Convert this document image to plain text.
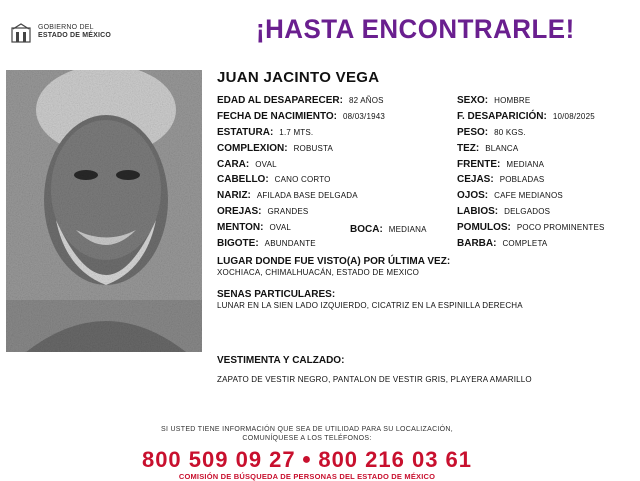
GOBIERNO DEL
ESTADO DE MÉXICO	¡HASTA ENCONTRARLE!
JUAN JACINTO VEGA
EDAD AL DESAPARECER: 82 AÑOS
FECHA DE NACIMIENTO: 08/03/1943
ESTATURA: 1.7 MTS.
COMPLEXION: ROBUSTA
CARA: OVAL
CABELLO: CANO CORTO
NARIZ: AFILADA BASE DELGADA
OREJAS: GRANDES
MENTON: OVAL
BIGOTE: ABUNDANTE
BOCA: MEDIANA
SEXO: HOMBRE
F. DESAPARICIÓN: 10/08/2025
PESO: 80 KGS.
TEZ: BLANCA
FRENTE: MEDIANA
CEJAS: POBLADAS
OJOS: CAFE MEDIANOS
LABIOS: DELGADOS
POMULOS: POCO PROMINENTES
BARBA: COMPLETA
LUGAR DONDE FUE VISTO(A) POR ÚLTIMA VEZ:
XOCHIACA, CHIMALHUACÁN, ESTADO DE MEXICO
SENAS PARTICULARES:
LUNAR EN LA SIEN LADO IZQUIERDO, CICATRIZ EN LA ESPINILLA DERECHA
VESTIMENTA Y CALZADO:
ZAPATO DE VESTIR NEGRO, PANTALON DE VESTIR GRIS, PLAYERA AMARILLO
SI USTED TIENE INFORMACIÓN QUE SEA DE UTILIDAD PARA SU LOCALIZACIÓN,
COMUNÍQUESE A LOS TELÉFONOS:
800 509 09 27 ● 800 216 03 61
COMISIÓN DE BÚSQUEDA DE PERSONAS DEL ESTADO DE MÉXICO
